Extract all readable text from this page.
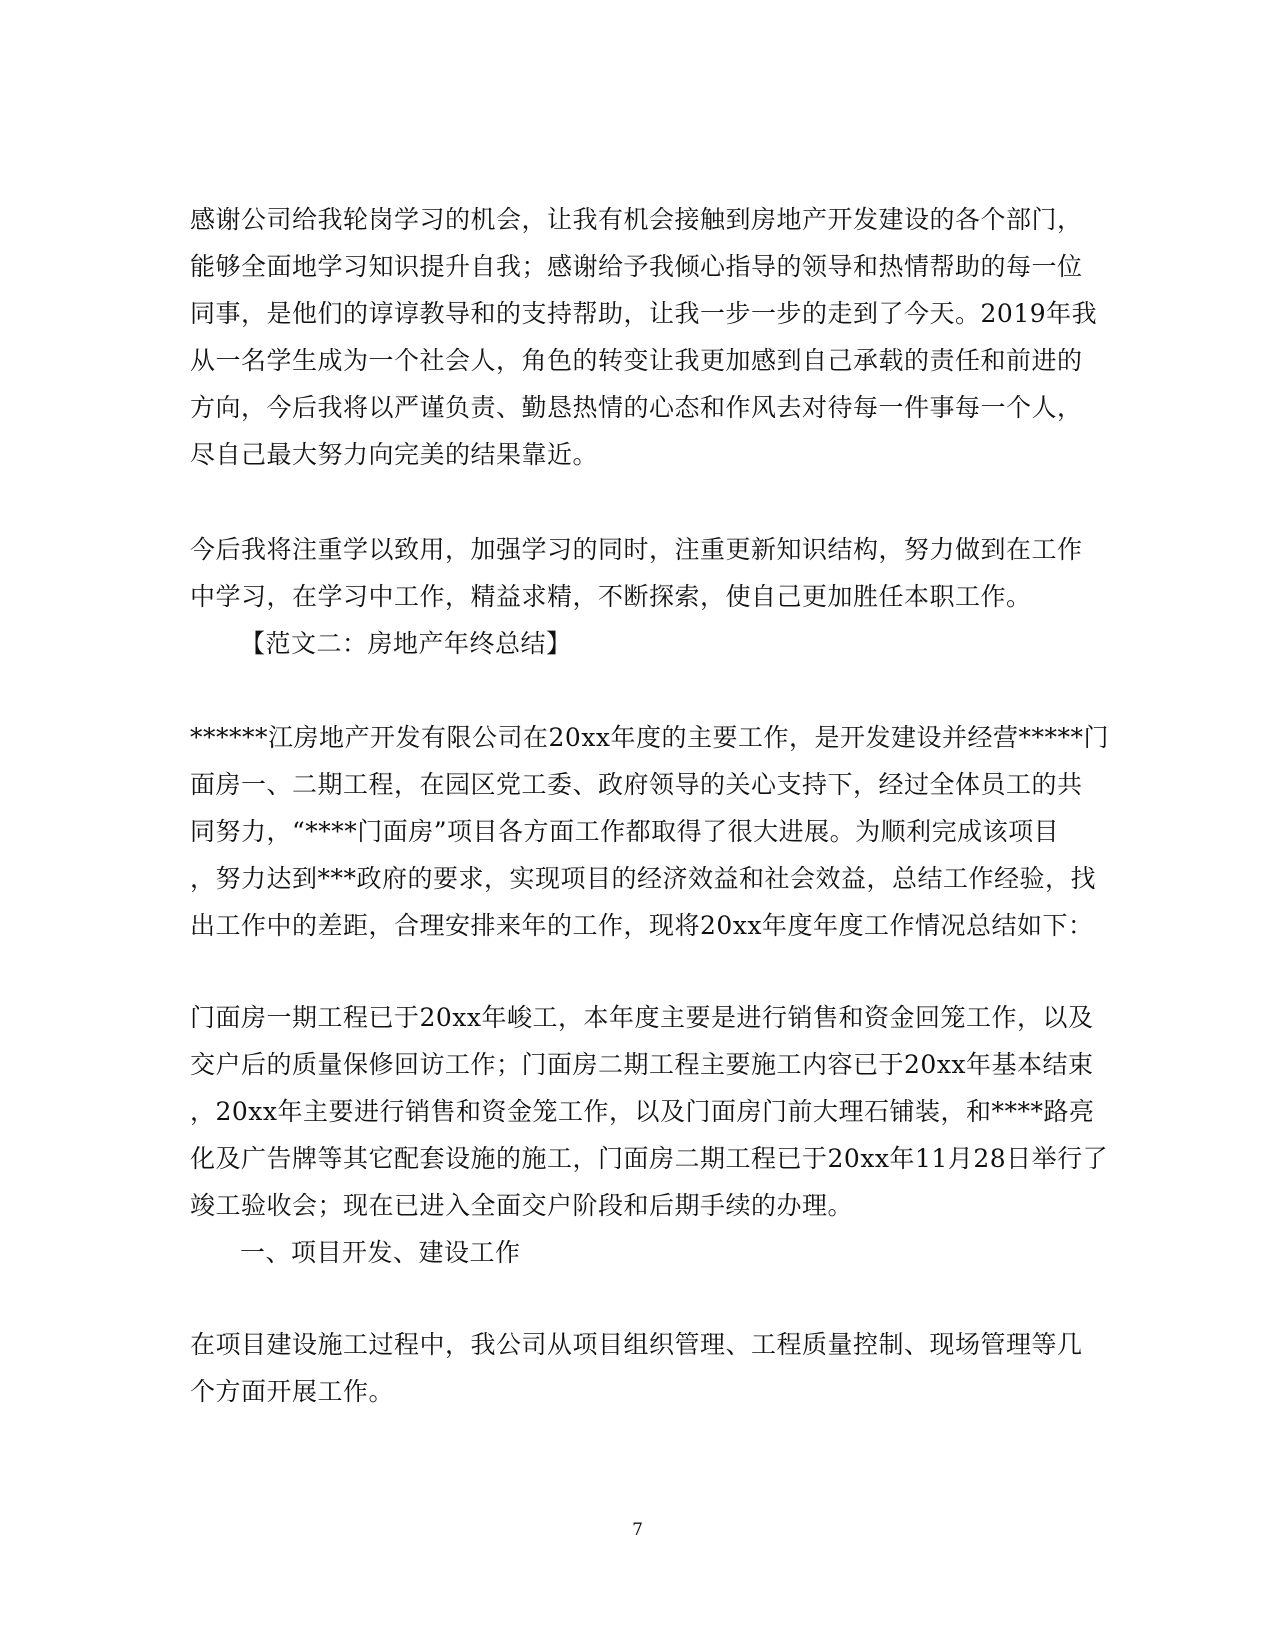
感谢公司给我轮岗学习的机会，让我有机会接触到房地产开发建设的各个部门，
能够全面地学习知识提升自我；感谢给予我倾心指导的领导和热情帮助的每一位
同事，是他们的谆谆教导和的支持帮助，让我一步一步的走到了今天。2019年我
从一名学生成为一个社会人，角色的转变让我更加感到自己承载的责任和前进的
方向，今后我将以严谨负责、勤恳热情的心态和作风去对待每一件事每一个人，
尽自己最大努力向完美的结果靠近。
今后我将注重学以致用，加强学习的同时，注重更新知识结构，努力做到在工作
中学习，在学习中工作，精益求精，不断探索，使自己更加胜任本职工作。
【范文二：房地产年终总结】
******江房地产开发有限公司在20xx年度的主要工作，是开发建设并经营*****门
面房一、二期工程，在园区党工委、政府领导的关心支持下，经过全体员工的共
同努力，“****门面房”项目各方面工作都取得了很大进展。为顺利完成该项目
，努力达到***政府的要求，实现项目的经济效益和社会效益，总结工作经验，找
出工作中的差距，合理安排来年的工作，现将20xx年度年度工作情况总结如下：
门面房一期工程已于20xx年峻工，本年度主要是进行销售和资金回笼工作，以及
交户后的质量保修回访工作；门面房二期工程主要施工内容已于20xx年基本结束
，20xx年主要进行销售和资金笼工作，以及门面房门前大理石铺装，和****路亮
化及广告牌等其它配套设施的施工，门面房二期工程已于20xx年11月28日举行了
竣工验收会；现在已进入全面交户阶段和后期手续的办理。
一、项目开发、建设工作
在项目建设施工过程中，我公司从项目组织管理、工程质量控制、现场管理等几
个方面开展工作。
7
